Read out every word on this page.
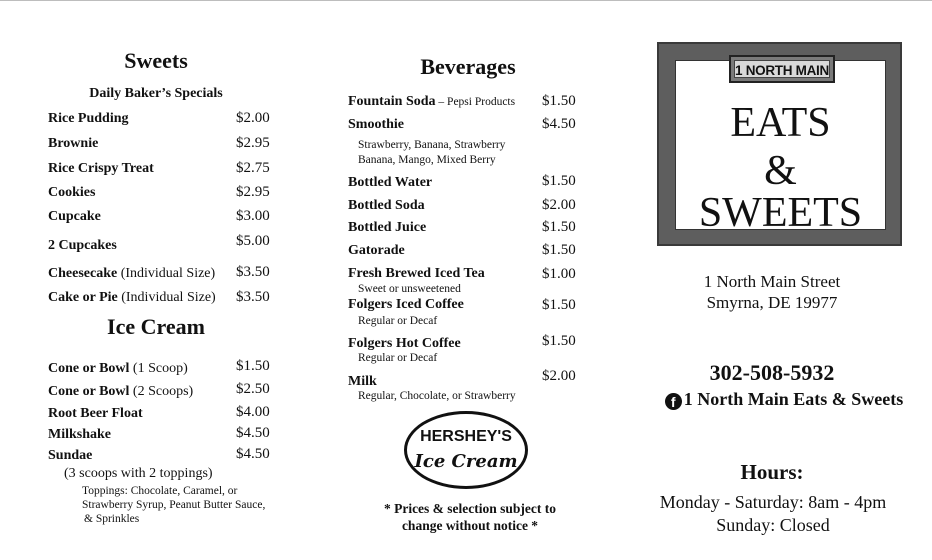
Sweets
Daily Baker’s Specials
Rice Pudding	$2.00
Brownie	$2.95
Rice Crispy Treat	$2.75
Cookies	$2.95
Cupcake	$3.00
2 Cupcakes	$5.00
Cheesecake (Individual Size) $3.50
Cake or Pie (Individual Size) $3.50
Ice Cream
Cone or Bowl (1 Scoop)	$1.50
Cone or Bowl (2 Scoops)	$2.50
Root Beer Float	$4.00
Milkshake	$4.50
Sundae	$4.50
(3 scoops with 2 toppings)
Toppings: Chocolate, Caramel, or
Strawberry Syrup, Peanut Butter Sauce,
& Sprinkles
Beverages
Fountain Soda – Pepsi Products $1.50
Smoothie	$4.50
Strawberry, Banana, Strawberry
Banana, Mango, Mixed Berry
Bottled Water	$1.50
Bottled Soda	$2.00
Bottled Juice	$1.50
Gatorade	$1.50
Fresh Brewed Iced Tea	$1.00
Sweet or unsweetened
Folgers Iced Coffee	$1.50
Regular or Decaf
Folgers Hot Coffee	$1.50
Regular or Decaf
Milk	$2.00
Regular, Chocolate, or Strawberry
HERSHEY'S
Ice Cream
* Prices & selection subject to
change without notice *
EATS
&
SWEETS
1 NORTH MAIN
1 North Main Street
Smyrna, DE 19977
302-508-5932
f 1 North Main Eats & Sweets
Hours:
Monday - Saturday: 8am - 4pm
Sunday: Closed
